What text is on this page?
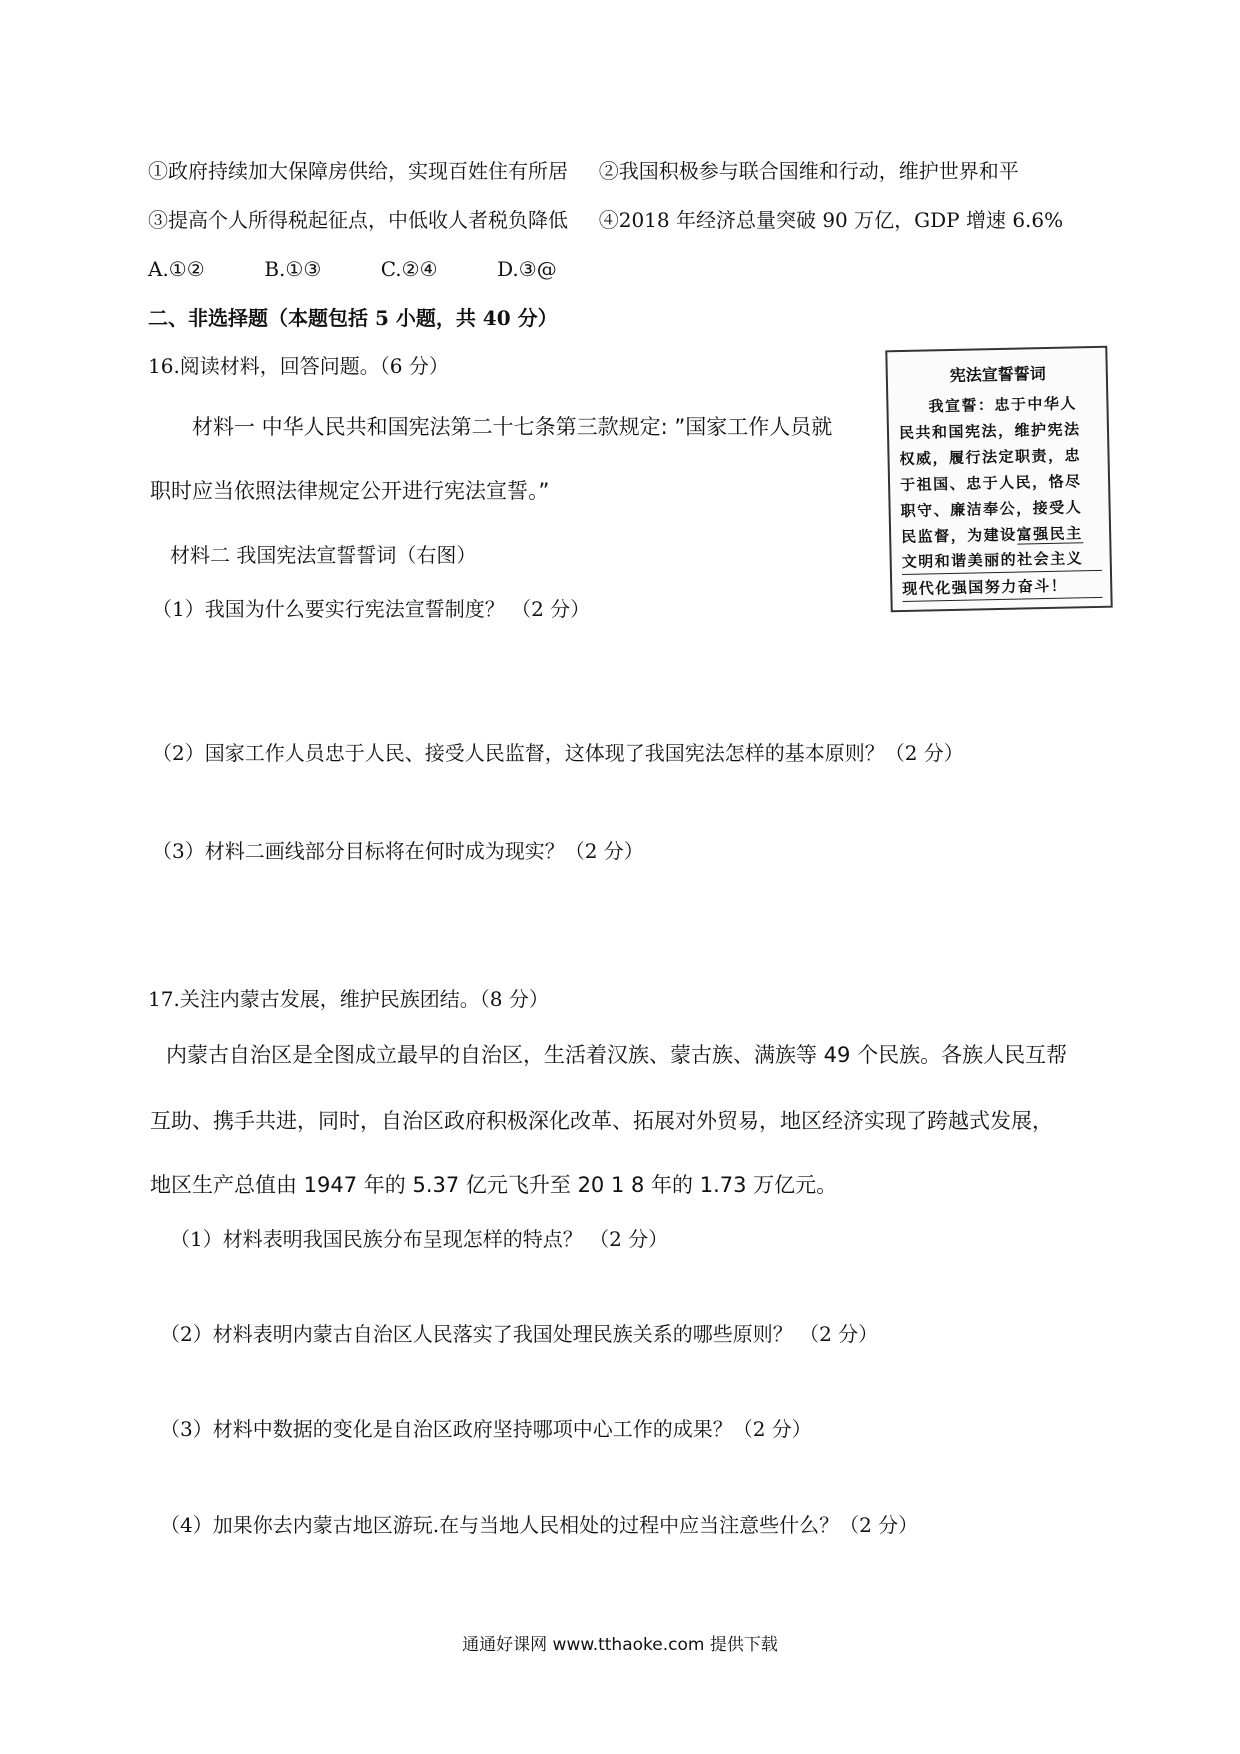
①政府持续加大保障房供给，实现百姓住有所居 ②我国积极参与联合国维和行动，维护世界和平
③提高个人所得税起征点，中低收人者税负降低 ④2018 年经济总量突破 90 万亿，GDP 增速 6.6%
A.①②	B.①③	C.②④	D.③@
二、非选择题（本题包括 5 小题，共 40 分）
16.阅读材料，回答问题。（6 分）
材料一 中华人民共和国宪法第二十七条第三款规定: ”国家工作人员就
职时应当依照法律规定公开进行宪法宣誓。”
材料二 我国宪法宣誓誓词（右图）
（1）我国为什么要实行宪法宣誓制度？ （2 分）
（2）国家工作人员忠于人民、接受人民监督，这体现了我国宪法怎样的基本原则？（2 分）
（3）材料二画线部分目标将在何时成为现实？（2 分）
宪法宣誓誓词
我宣誓：忠于中华人
民共和国宪法，维护宪法
权威，履行法定职责，忠
于祖国、忠于人民，恪尽
职守、廉洁奉公，接受人
民监督，为建设富强民主
文明和谐美丽的社会主义
现代化强国努力奋斗！
17.关注内蒙古发展，维护民族团结。（8 分）
内蒙古自治区是全图成立最早的自治区，生活着汉族、蒙古族、满族等 49 个民族。各族人民互帮
互助、携手共进，同时，自治区政府积极深化改革、拓展对外贸易，地区经济实现了跨越式发展，
地区生产总值由 1947 年的 5.37 亿元飞升至 20 1 8 年的 1.73 万亿元。
（1）材料表明我国民族分布呈现怎样的特点？ （2 分）
（2）材料表明内蒙古自治区人民落实了我国处理民族关系的哪些原则？ （2 分）
（3）材料中数据的变化是自治区政府坚持哪项中心工作的成果？（2 分）
（4）加果你去内蒙古地区游玩.在与当地人民相处的过程中应当注意些什么？（2 分）
通通好课网 www.tthaoke.com 提供下载
